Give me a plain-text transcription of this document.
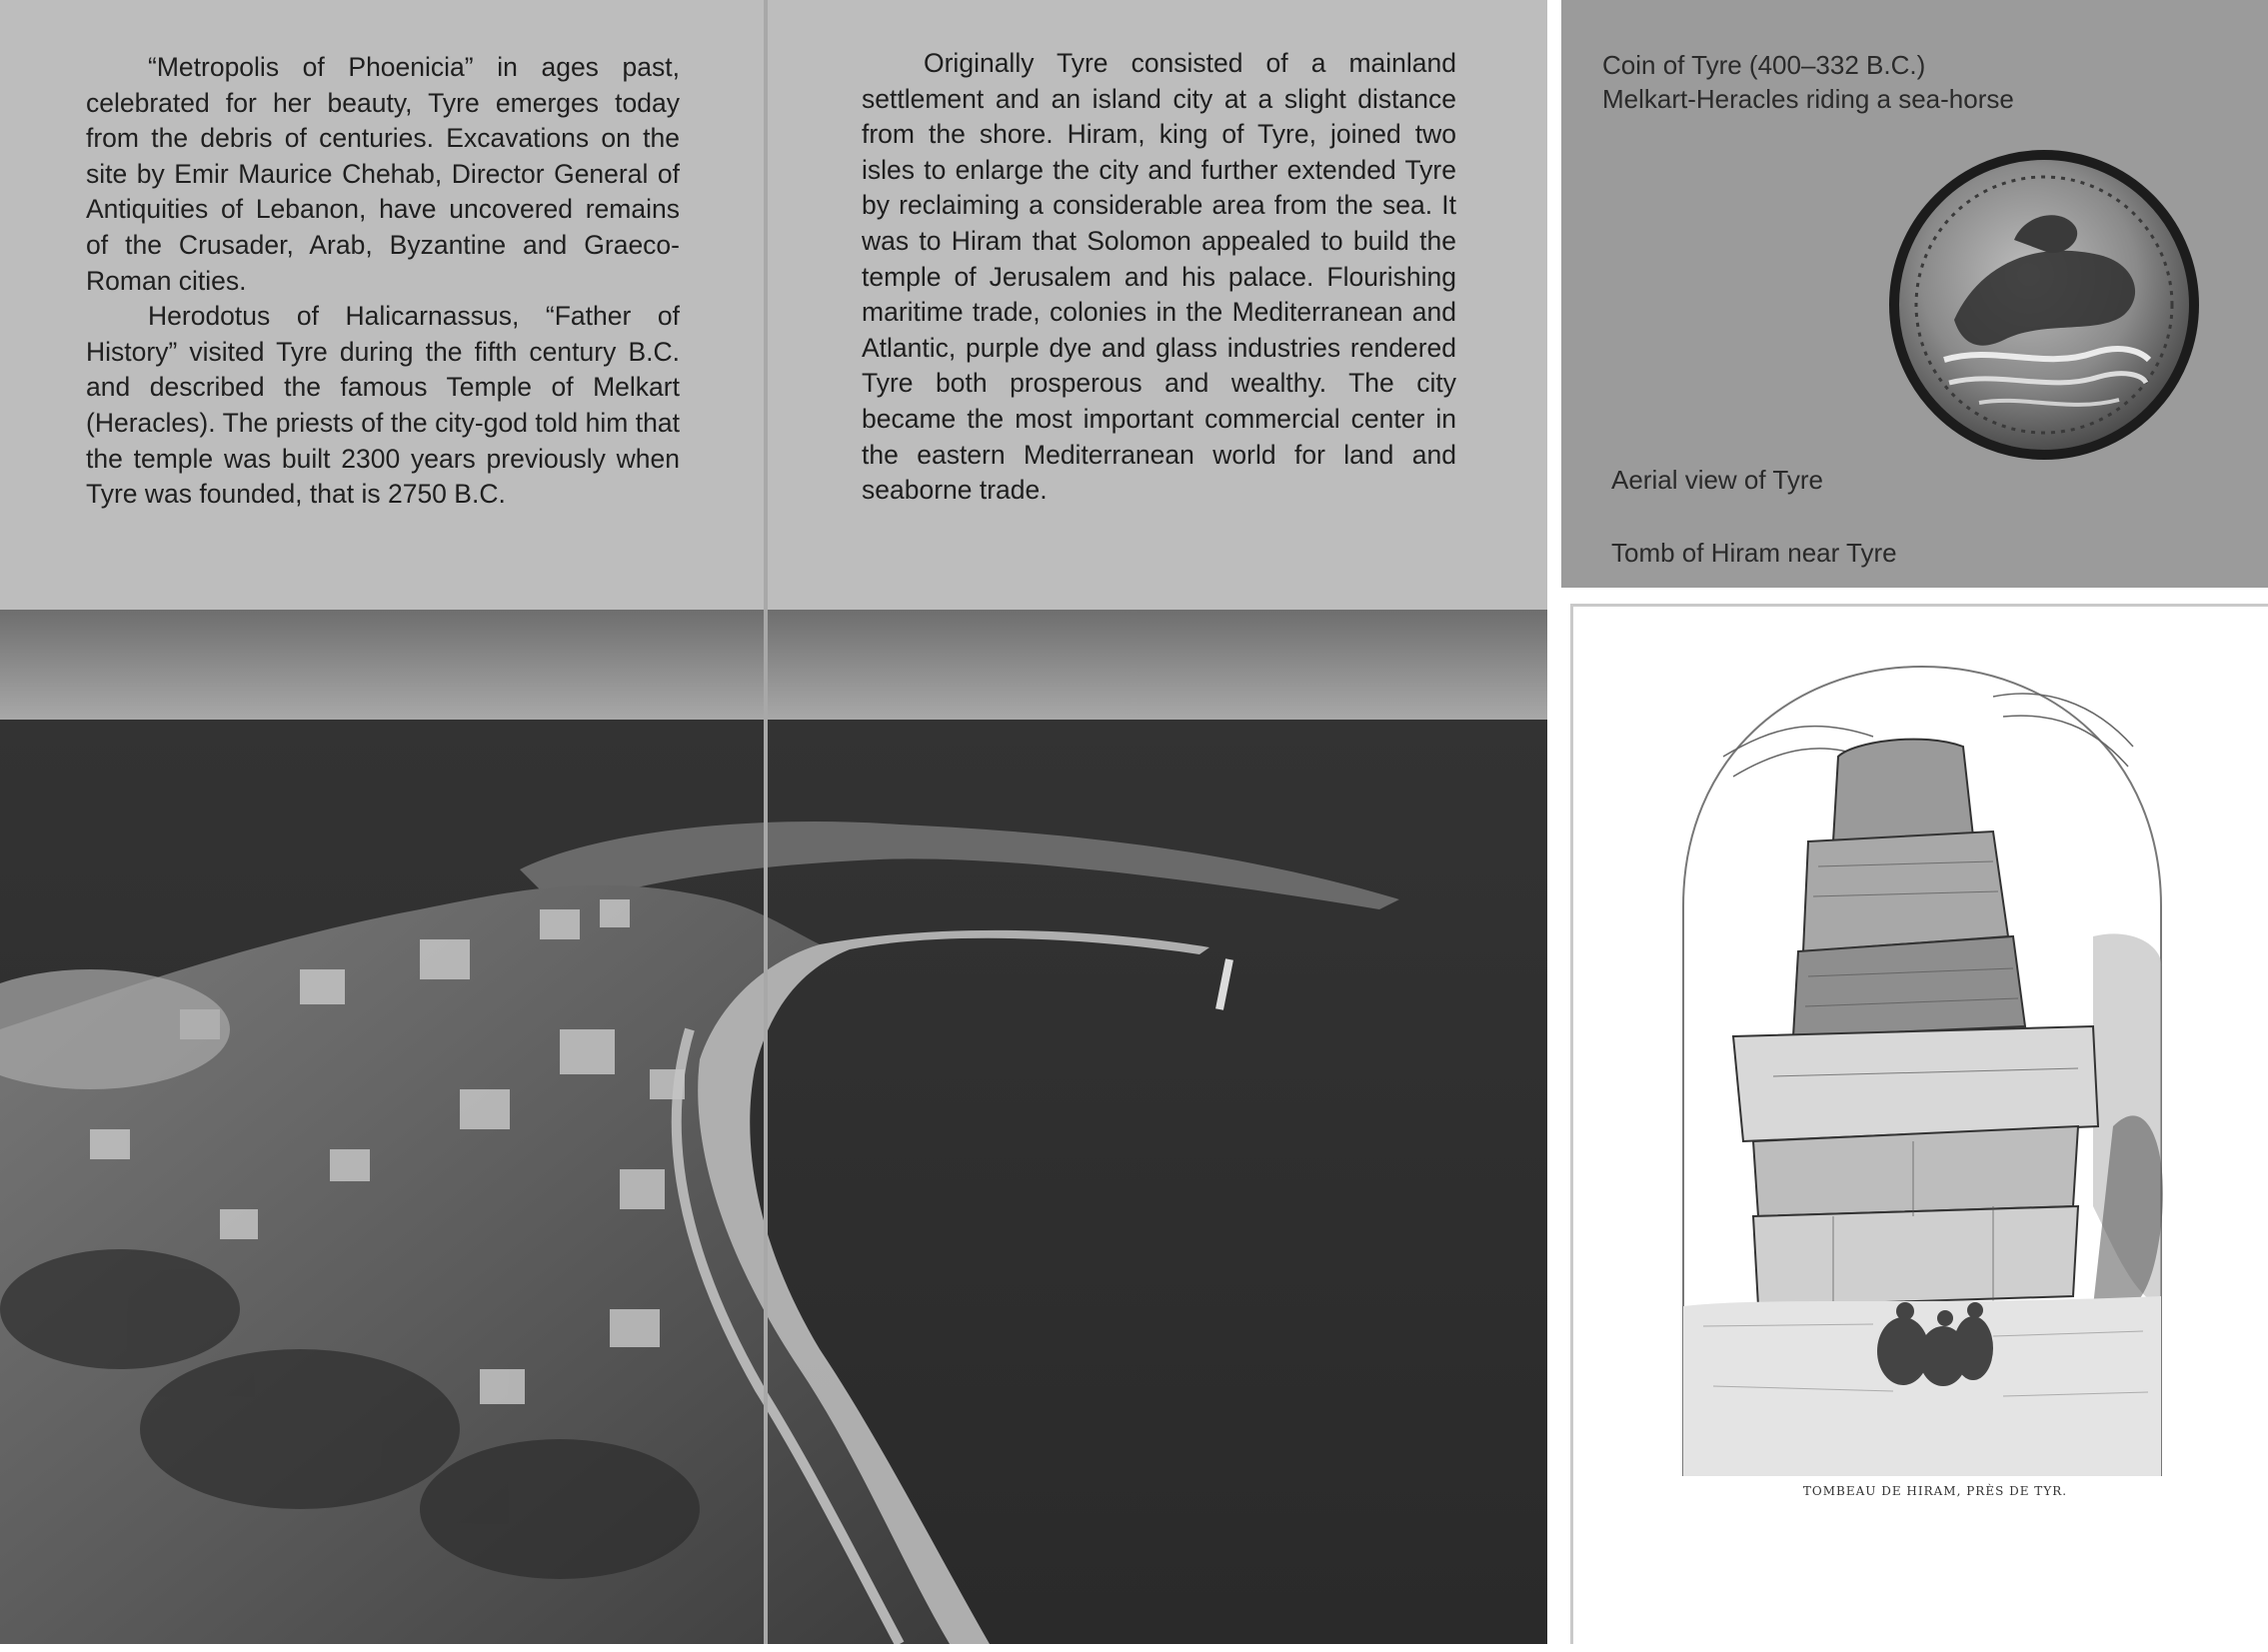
“Metropolis of Phoenicia” in ages past, celebrated for her beauty, Tyre emerges today from the debris of centuries. Excavations on the site by Emir Maurice Chehab, Director General of Antiquities of Lebanon, have uncovered remains of the Crusader, Arab, Byzantine and Graeco-Roman cities.

Herodotus of Halicarnassus, “Father of History” visited Tyre during the fifth century B.C. and described the famous Temple of Melkart (Heracles). The priests of the city-god told him that the temple was built 2300 years previously when Tyre was founded, that is 2750 B.C.

Originally Tyre consisted of a mainland settlement and an island city at a slight distance from the shore. Hiram, king of Tyre, joined two isles to enlarge the city and further extended Tyre by reclaiming a considerable area from the sea. It was to Hiram that Solomon appealed to build the temple of Jerusalem and his palace. Flourishing maritime trade, colonies in the Mediterranean and Atlantic, purple dye and glass industries rendered Tyre both prosperous and wealthy. The city became the most important commercial center in the eastern Mediterranean world for land and seaborne trade.

Coin of Tyre (400–332 B.C.)
Melkart-Heracles riding a sea-horse
Aerial view of Tyre
Tomb of Hiram near Tyre
TOMBEAU DE HIRAM, PRÈS DE TYR.
